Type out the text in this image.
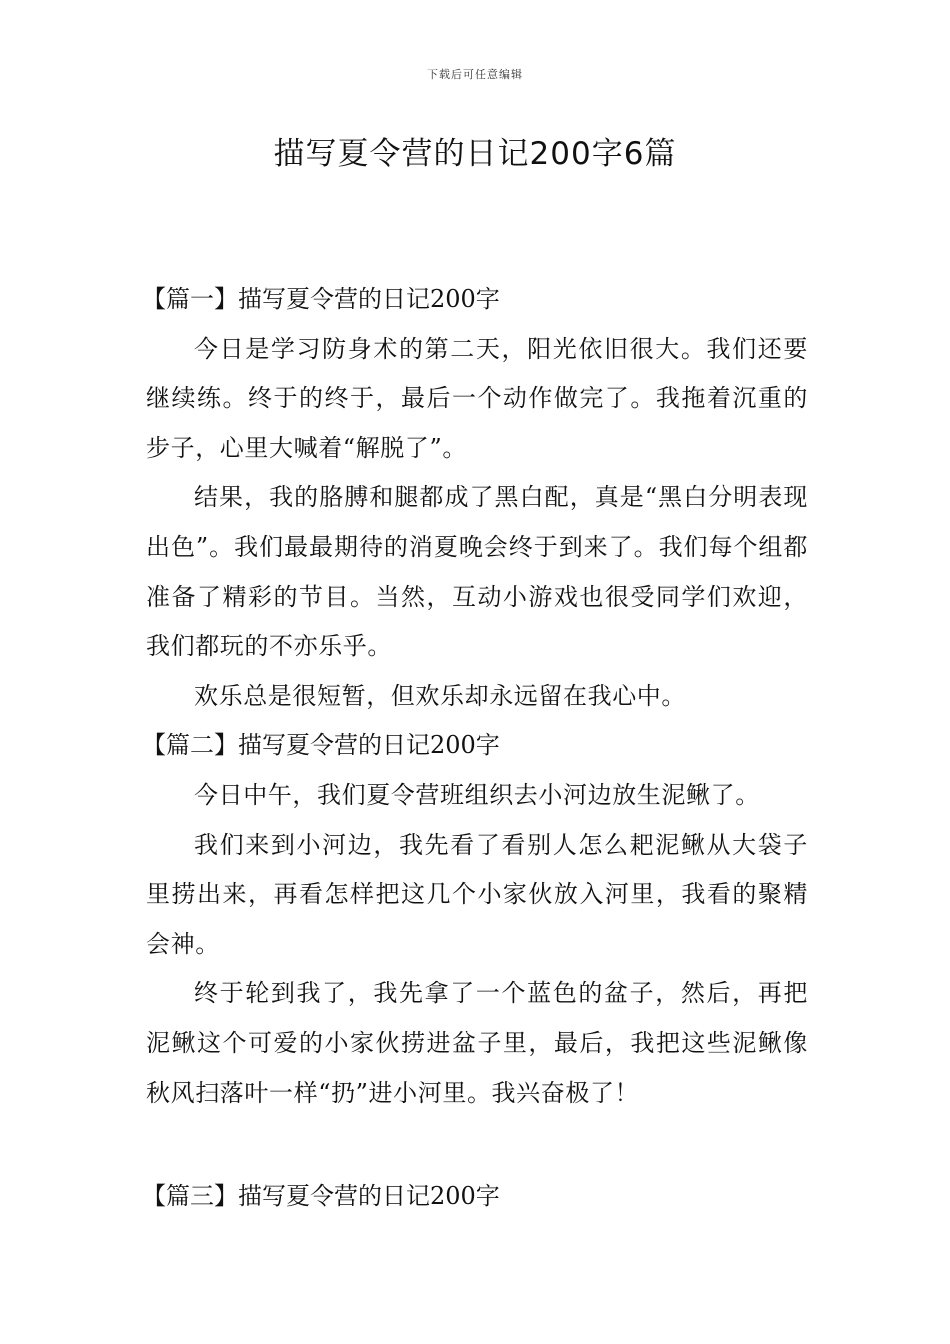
下载后可任意编辑
描写夏令营的日记200字6篇

【篇一】描写夏令营的日记200字

今日是学习防身术的第二天，阳光依旧很大。我们还要继续练。终于的终于，最后一个动作做完了。我拖着沉重的步子，心里大喊着“解脱了”。

结果，我的胳膊和腿都成了黑白配，真是“黑白分明表现出色”。我们最最期待的消夏晚会终于到来了。我们每个组都准备了精彩的节目。当然，互动小游戏也很受同学们欢迎，我们都玩的不亦乐乎。

欢乐总是很短暂，但欢乐却永远留在我心中。

【篇二】描写夏令营的日记200字

今日中午，我们夏令营班组织去小河边放生泥鳅了。

我们来到小河边，我先看了看别人怎么耙泥鳅从大袋子里捞出来，再看怎样把这几个小家伙放入河里，我看的聚精会神。

终于轮到我了，我先拿了一个蓝色的盆子，然后，再把泥鳅这个可爱的小家伙捞进盆子里，最后，我把这些泥鳅像秋风扫落叶一样“扔”进小河里。我兴奋极了！

【篇三】描写夏令营的日记200字
